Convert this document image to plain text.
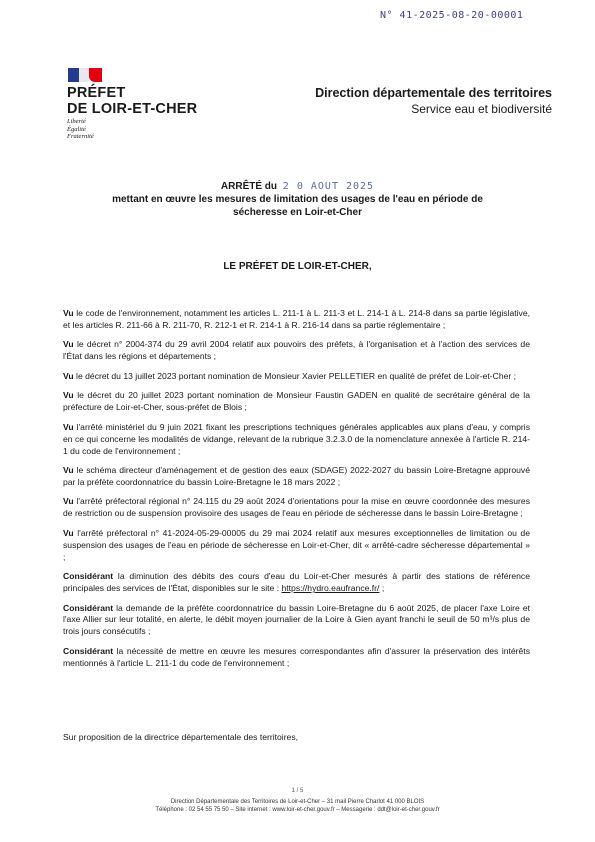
N° 41-2025-08-20-00001
PRÉFET
DE LOIR-ET-CHER
Liberté
Égalité
Fraternité
Direction départementale des territoires
Service eau et biodiversité
ARRÊTÉ du 2 0 AOUT 2025
mettant en œuvre les mesures de limitation des usages de l'eau en période de
sécheresse en Loir-et-Cher
LE PRÉFET DE LOIR-ET-CHER,

Vu le code de l'environnement, notamment les articles L. 211-1 à L. 211-3 et L. 214-1 à L. 214-8 dans sa partie législative, et les articles R. 211-66 à R. 211-70, R. 212-1 et R. 214-1 à R. 216-14 dans sa partie réglementaire ;

Vu le décret n° 2004-374 du 29 avril 2004 relatif aux pouvoirs des préfets, à l'organisation et à l'action des services de l'État dans les régions et départements ;

Vu le décret du 13 juillet 2023 portant nomination de Monsieur Xavier PELLETIER en qualité de préfet de Loir-et-Cher ;

Vu le décret du 20 juillet 2023 portant nomination de Monsieur Faustin GADEN en qualité de secrétaire général de la préfecture de Loir-et-Cher, sous-préfet de Blois ;

Vu l'arrêté ministériel du 9 juin 2021 fixant les prescriptions techniques générales applicables aux plans d'eau, y compris en ce qui concerne les modalités de vidange, relevant de la rubrique 3.2.3.0 de la nomenclature annexée à l'article R. 214-1 du code de l'environnement ;

Vu le schéma directeur d'aménagement et de gestion des eaux (SDAGE) 2022-2027 du bassin Loire-Bretagne approuvé par la préfète coordonnatrice du bassin Loire-Bretagne le 18 mars 2022 ;

Vu l'arrêté préfectoral régional n° 24.115 du 29 août 2024 d'orientations pour la mise en œuvre coordonnée des mesures de restriction ou de suspension provisoire des usages de l'eau en période de sécheresse dans le bassin Loire-Bretagne ;

Vu l'arrêté préfectoral n° 41-2024-05-29-00005 du 29 mai 2024 relatif aux mesures exceptionnelles de limitation ou de suspension des usages de l'eau en période de sécheresse en Loir-et-Cher, dit « arrêté-cadre sécheresse départemental » ;

Considérant la diminution des débits des cours d'eau du Loir-et-Cher mesurés à partir des stations de référence principales des services de l'État, disponibles sur le site : https://hydro.eaufrance.fr/ ;

Considérant la demande de la préfète coordonnatrice du bassin Loire-Bretagne du 6 août 2025, de placer l'axe Loire et l'axe Allier sur leur totalité, en alerte, le débit moyen journalier de la Loire à Gien ayant franchi le seuil de 50 m³/s plus de trois jours consécutifs ;

Considérant la nécessité de mettre en œuvre les mesures correspondantes afin d'assurer la préservation des intérêts mentionnés à l'article L. 211-1 du code de l'environnement ;

Sur proposition de la directrice départementale des territoires,
1 / 5
Direction Départementale des Territoires de Loir-et-Cher – 31 mail Pierre Charlot 41 000 BLOIS
Téléphone : 02 54 55 75 50 – Site internet : www.loir-et-cher.gouv.fr – Messagerie : ddt@loir-et-cher.gouv.fr
